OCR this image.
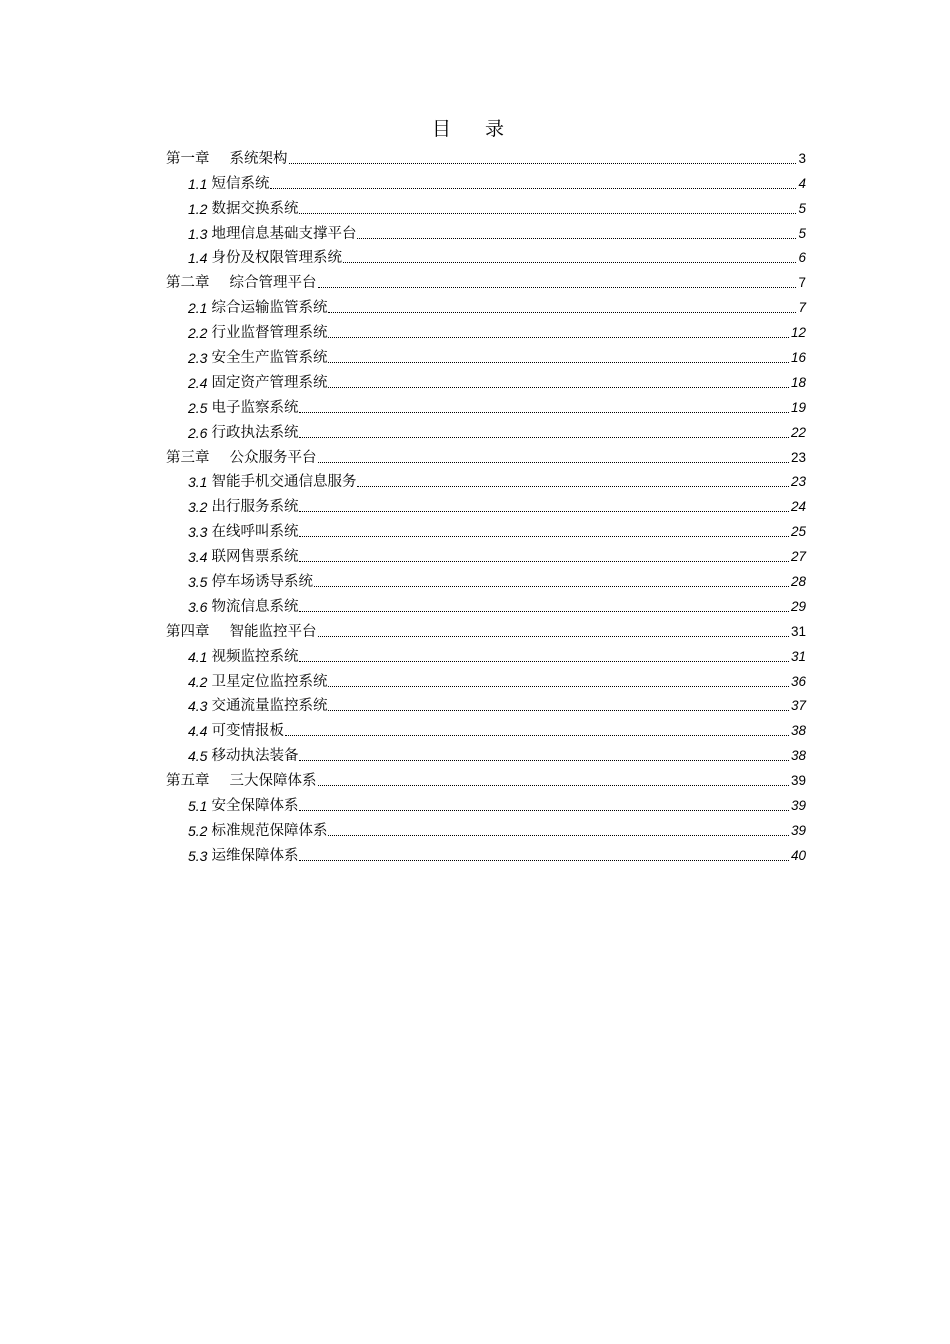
目 录
第一章 系统架构	3
1.1 短信系统	4
1.2 数据交换系统	5
1.3 地理信息基础支撑平台	5
1.4 身份及权限管理系统	6
第二章 综合管理平台	7
2.1 综合运输监管系统	7
2.2 行业监督管理系统	12
2.3 安全生产监管系统	16
2.4 固定资产管理系统	18
2.5 电子监察系统	19
2.6 行政执法系统	22
第三章 公众服务平台	23
3.1 智能手机交通信息服务	23
3.2 出行服务系统	24
3.3 在线呼叫系统	25
3.4 联网售票系统	27
3.5 停车场诱导系统	28
3.6 物流信息系统	29
第四章 智能监控平台	31
4.1 视频监控系统	31
4.2 卫星定位监控系统	36
4.3 交通流量监控系统	37
4.4 可变情报板	38
4.5 移动执法装备	38
第五章 三大保障体系	39
5.1 安全保障体系	39
5.2 标准规范保障体系	39
5.3 运维保障体系	40
